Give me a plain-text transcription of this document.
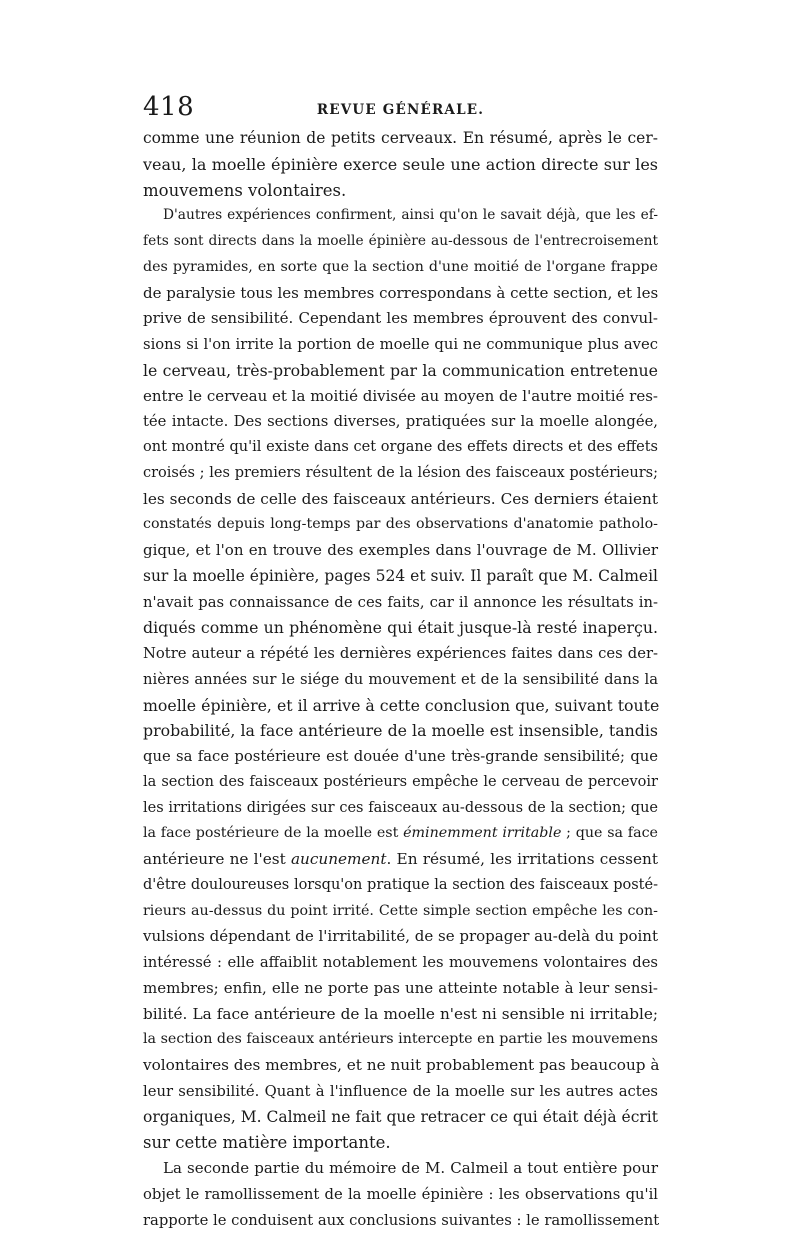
418	REVUE GÉNÉRALE.
comme une réunion de petits cerveaux. En résumé, après le cer-
veau, la moelle épinière exerce seule une action directe sur les
mouvemens volontaires.
D'autres expériences confirment, ainsi qu'on le savait déjà, que les ef-
fets sont directs dans la moelle épinière au-dessous de l'entrecroisement
des pyramides, en sorte que la section d'une moitié de l'organe frappe
de paralysie tous les membres correspondans à cette section, et les
prive de sensibilité. Cependant les membres éprouvent des convul-
sions si l'on irrite la portion de moelle qui ne communique plus avec
le cerveau, très-probablement par la communication entretenue
entre le cerveau et la moitié divisée au moyen de l'autre moitié res-
tée intacte. Des sections diverses, pratiquées sur la moelle alongée,
ont montré qu'il existe dans cet organe des effets directs et des effets
croisés ; les premiers résultent de la lésion des faisceaux postérieurs;
les seconds de celle des faisceaux antérieurs. Ces derniers étaient
constatés depuis long-temps par des observations d'anatomie patholo-
gique, et l'on en trouve des exemples dans l'ouvrage de M. Ollivier
sur la moelle épinière, pages 524 et suiv. Il paraît que M. Calmeil
n'avait pas connaissance de ces faits, car il annonce les résultats in-
diqués comme un phénomène qui était jusque-là resté inaperçu.
Notre auteur a répété les dernières expériences faites dans ces der-
nières années sur le siége du mouvement et de la sensibilité dans la
moelle épinière, et il arrive à cette conclusion que, suivant toute
probabilité, la face antérieure de la moelle est insensible, tandis
que sa face postérieure est douée d'une très-grande sensibilité; que
la section des faisceaux postérieurs empêche le cerveau de percevoir
les irritations dirigées sur ces faisceaux au-dessous de la section; que
la face postérieure de la moelle est éminemment irritable ; que sa face
antérieure ne l'est aucunement. En résumé, les irritations cessent
d'être douloureuses lorsqu'on pratique la section des faisceaux posté-
rieurs au-dessus du point irrité. Cette simple section empêche les con-
vulsions dépendant de l'irritabilité, de se propager au-delà du point
intéressé : elle affaiblit notablement les mouvemens volontaires des
membres; enfin, elle ne porte pas une atteinte notable à leur sensi-
bilité. La face antérieure de la moelle n'est ni sensible ni irritable;
la section des faisceaux antérieurs intercepte en partie les mouvemens
volontaires des membres, et ne nuit probablement pas beaucoup à
leur sensibilité. Quant à l'influence de la moelle sur les autres actes
organiques, M. Calmeil ne fait que retracer ce qui était déjà écrit
sur cette matière importante.
La seconde partie du mémoire de M. Calmeil a tout entière pour
objet le ramollissement de la moelle épinière : les observations qu'il
rapporte le conduisent aux conclusions suivantes : le ramollissement
